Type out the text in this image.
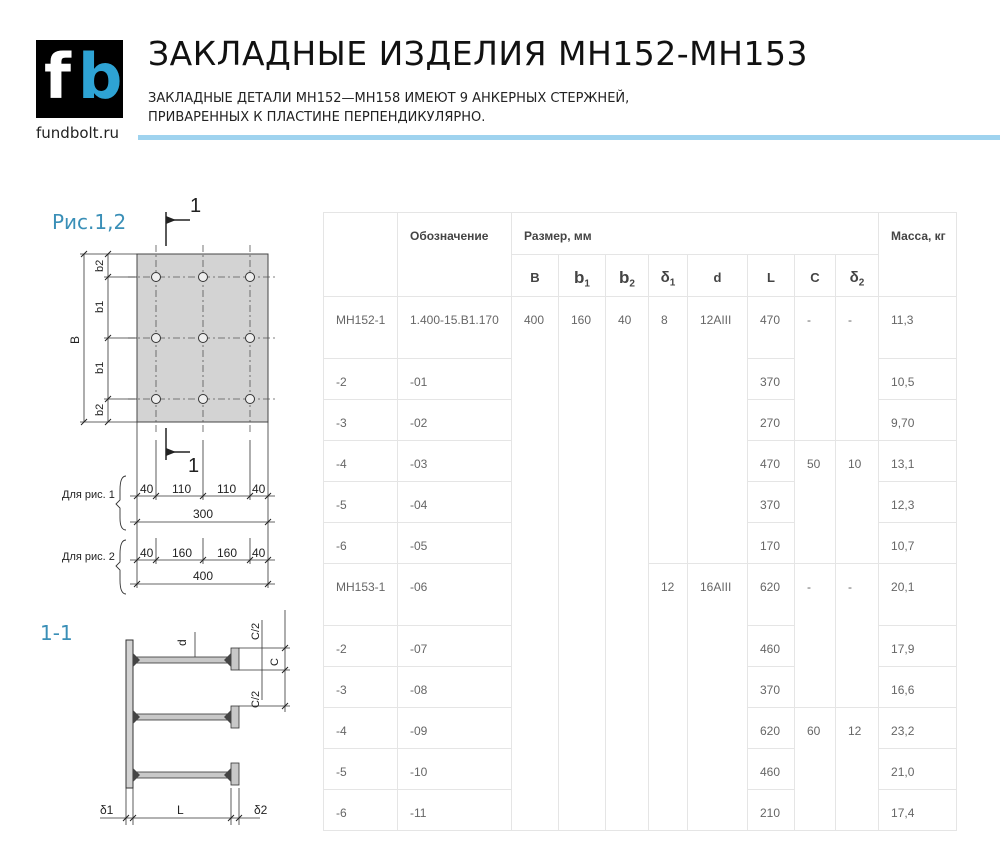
f b
fundbolt.ru
ЗАКЛАДНЫЕ ИЗДЕЛИЯ МН152-МН153
ЗАКЛАДНЫЕ ДЕТАЛИ МН152—МН158 ИМЕЮТ 9 АНКЕРНЫХ СТЕРЖНЕЙ, ПРИВАРЕННЫХ К ПЛАСТИНЕ ПЕРПЕНДИКУЛЯРНО.
Рис.1,2
1-1
1
1
b2
b1
B
b1
b2
Для рис. 1
Для рис. 2
40 110 110 40
300
40 160 160 40
400
d
C/2
C
C/2
δ1	L	δ2
	Обозначение	Размер, мм								Масса, кг
		B	$b_1$	$b_2$	$\delta_1$	d	L	C	$\delta_2$
МН152-1	1.400-15.В1.170	400	160	40	8	12АIII	470	-	-	11,3
-2	-01						370			10,5
-3	-02						270			9,70
-4	-03						470	50	10	13,1
-5	-04						370			12,3
-6	-05						170			10,7
МН153-1	-06				12	16АIII	620	-	-	20,1
-2	-07						460			17,9
-3	-08						370			16,6
-4	-09						620	60	12	23,2
-5	-10						460			21,0
-6	-11						210			17,4
